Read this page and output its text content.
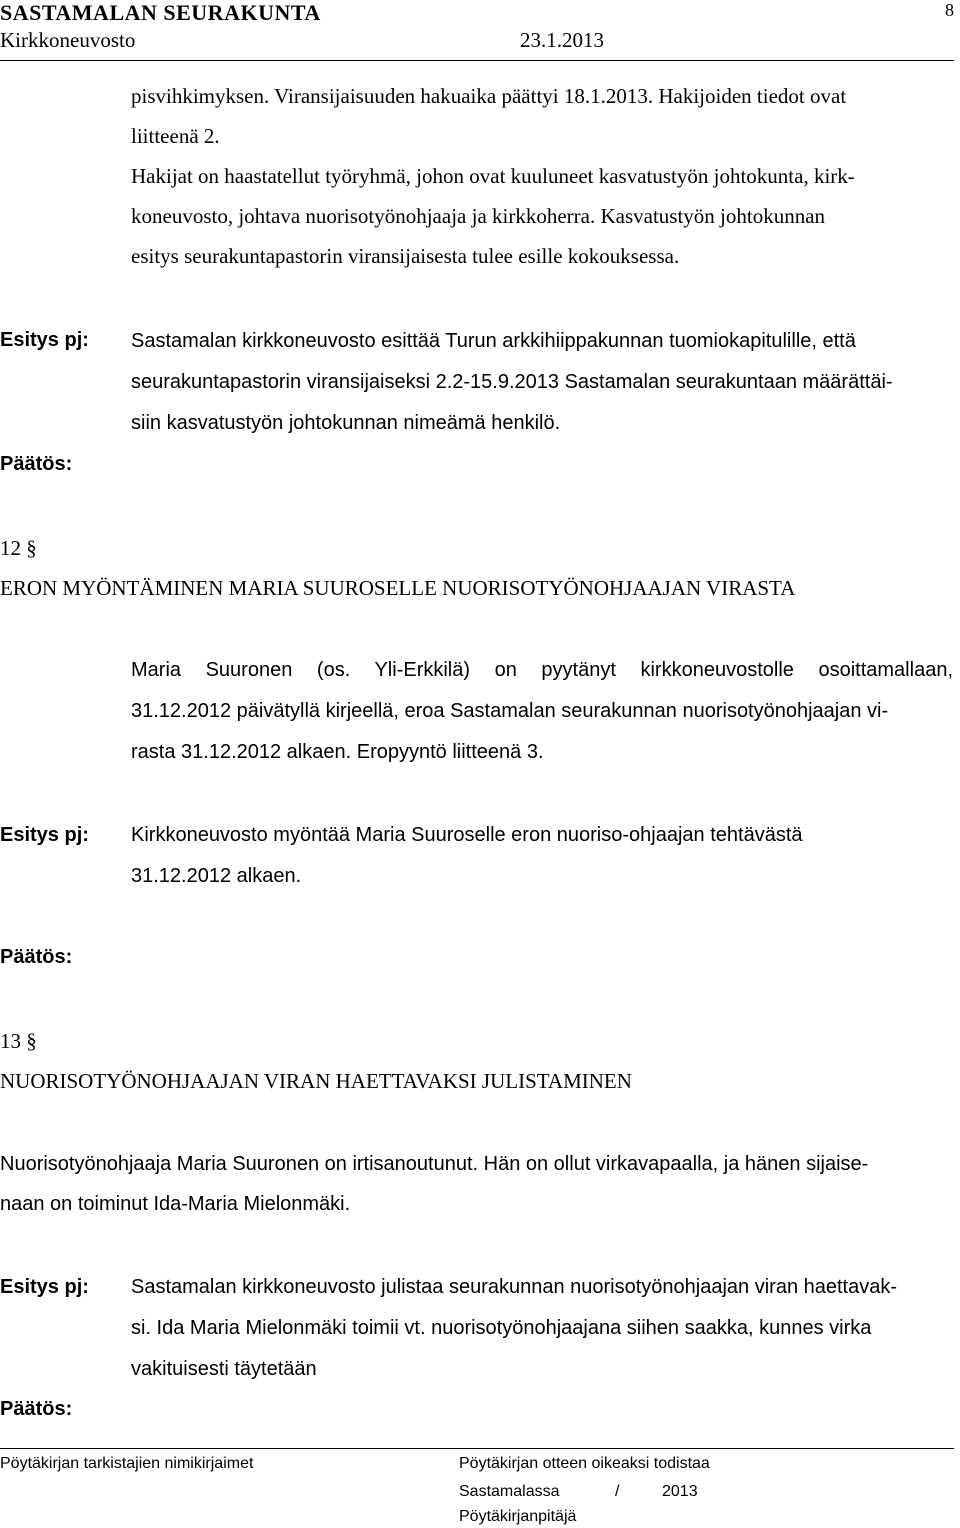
SASTAMALAN SEURAKUNTA
Kirkkoneuvosto	23.1.2013
8
pisvihkimyksen. Viransijaisuuden hakuaika päättyi 18.1.2013. Hakijoiden tiedot ovat
liitteenä 2.
Hakijat on haastatellut työryhmä, johon ovat kuuluneet kasvatustyön johtokunta, kirk-
koneuvosto, johtava nuorisotyönohjaaja ja kirkkoherra. Kasvatustyön johtokunnan
esitys seurakuntapastorin viransijaisesta tulee esille kokouksessa.
Esitys pj: Sastamalan kirkkoneuvosto esittää Turun arkkihiippakunnan tuomiokapitulille, että
seurakuntapastorin viransijaiseksi 2.2-15.9.2013 Sastamalan seurakuntaan määrättäi-
siin kasvatustyön johtokunnan nimeämä henkilö.
Päätös:
12 §
ERON MYÖNTÄMINEN MARIA SUUROSELLE NUORISOTYÖNOHJAAJAN VIRASTA
Maria Suuronen (os. Yli-Erkkilä) on pyytänyt kirkkoneuvostolle osoittamallaan,
31.12.2012 päivätyllä kirjeellä, eroa Sastamalan seurakunnan nuorisotyönohjaajan vi-
rasta 31.12.2012 alkaen. Eropyyntö liitteenä 3.
Esitys pj: Kirkkoneuvosto myöntää Maria Suuroselle eron nuoriso-ohjaajan tehtävästä
31.12.2012 alkaen.
Päätös:
13 §
NUORISOTYÖNOHJAAJAN VIRAN HAETTAVAKSI JULISTAMINEN
Nuorisotyönohjaaja Maria Suuronen on irtisanoutunut. Hän on ollut virkavapaalla, ja hänen sijaise-
naan on toiminut Ida-Maria Mielonmäki.
Esitys pj: Sastamalan kirkkoneuvosto julistaa seurakunnan nuorisotyönohjaajan viran haettavak-
si. Ida Maria Mielonmäki toimii vt. nuorisotyönohjaajana siihen saakka, kunnes virka
vakituisesti täytetään
Päätös:
Pöytäkirjan tarkistajien nimikirjaimet	Pöytäkirjan otteen oikeaksi todistaa
Sastamalassa	/	2013
Pöytäkirjanpitäjä
